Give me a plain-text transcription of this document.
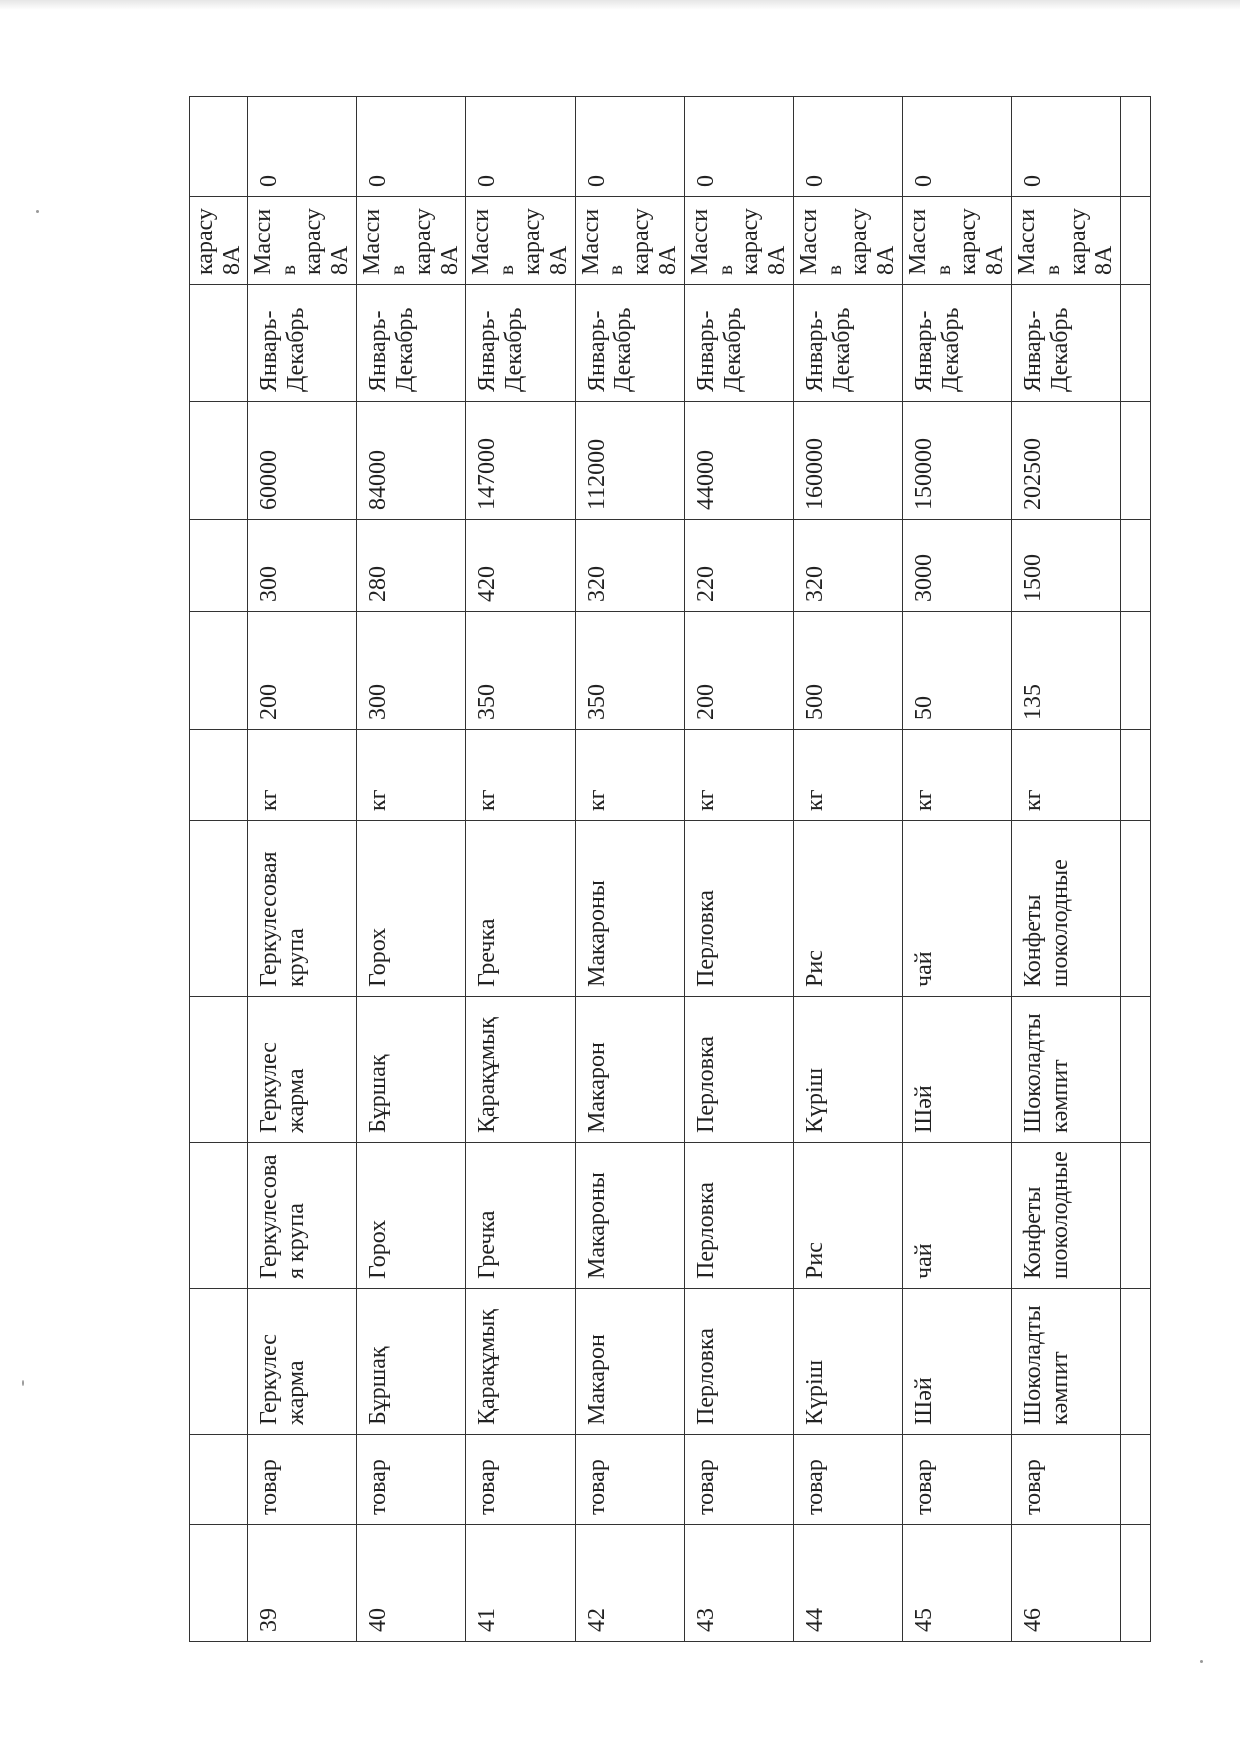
											карасу 8А	
39	товар	Геркулес жарма	Геркулесова я крупа	Геркулес жарма	Геркулесовая крупа	кг	200	300	60000	Январь-Декабрь	Масси в карасу 8А	0
40	товар	Бұршақ	Горох	Бұршақ	Горох	кг	300	280	84000	Январь-Декабрь	Масси в карасу 8А	0
41	товар	Қарақұмық	Гречка	Қарақұмық	Гречка	кг	350	420	147000	Январь-Декабрь	Масси в карасу 8А	0
42	товар	Макарон	Макароны	Макарон	Макароны	кг	350	320	112000	Январь-Декабрь	Масси в карасу 8А	0
43	товар	Перловка	Перловка	Перловка	Перловка	кг	200	220	44000	Январь-Декабрь	Масси в карасу 8А	0
44	товар	Күріш	Рис	Күріш	Рис	кг	500	320	160000	Январь-Декабрь	Масси в карасу 8А	0
45	товар	Шәй	чай	Шәй	чай	кг	50	3000	150000	Январь-Декабрь	Масси в карасу 8А	0
46	товар	Шоколадты кәмпит	Конфеты шоколодные	Шоколадты кәмпит	Конфеты шоколодные	кг	135	1500	202500	Январь-Декабрь	Масси в карасу 8А	0
